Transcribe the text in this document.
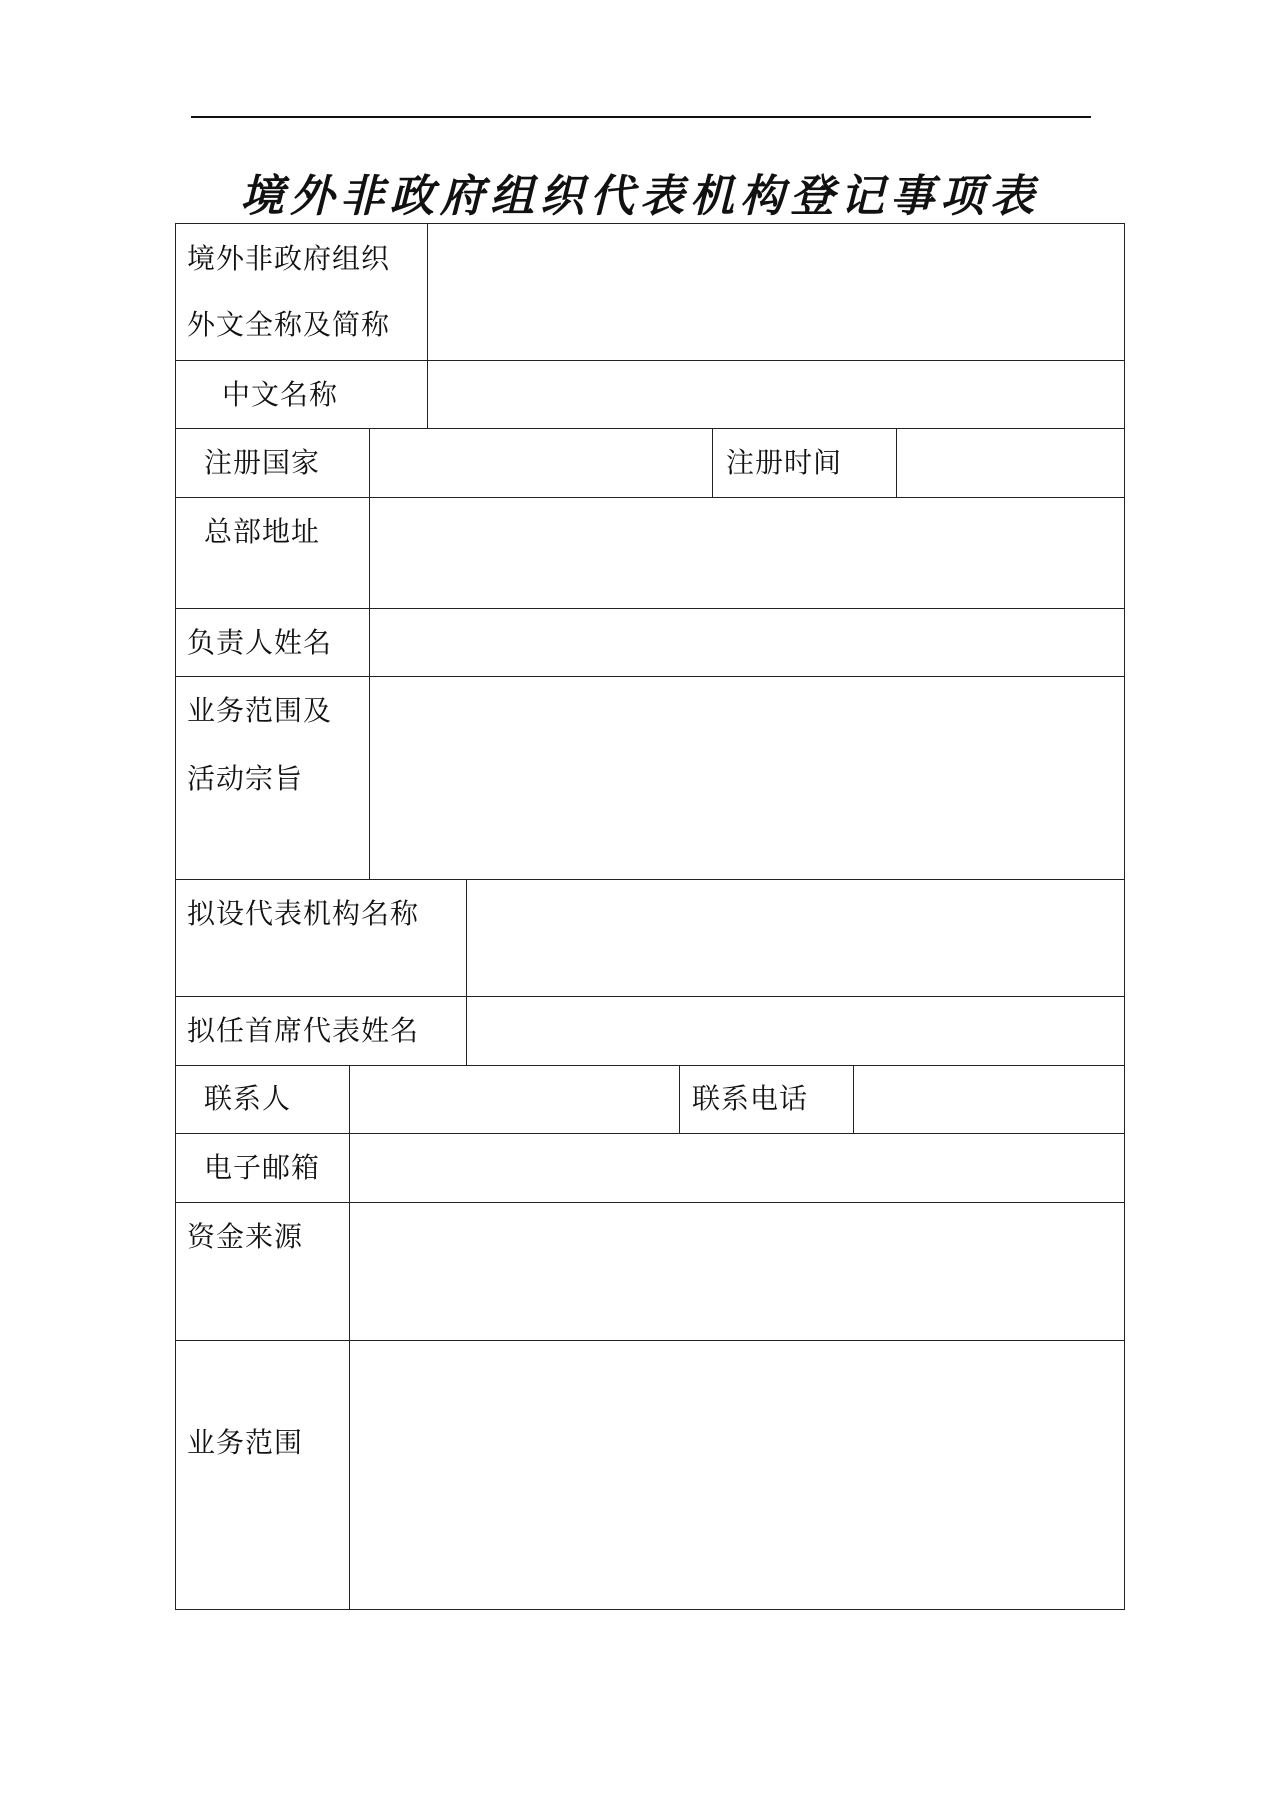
境外非政府组织代表机构登记事项表
境外非政府组织
外文全称及简称
中文名称
注册国家	注册时间
总部地址
负责人姓名
业务范围及
活动宗旨
拟设代表机构名称
拟任首席代表姓名
联系人	联系电话
电子邮箱
资金来源
业务范围
